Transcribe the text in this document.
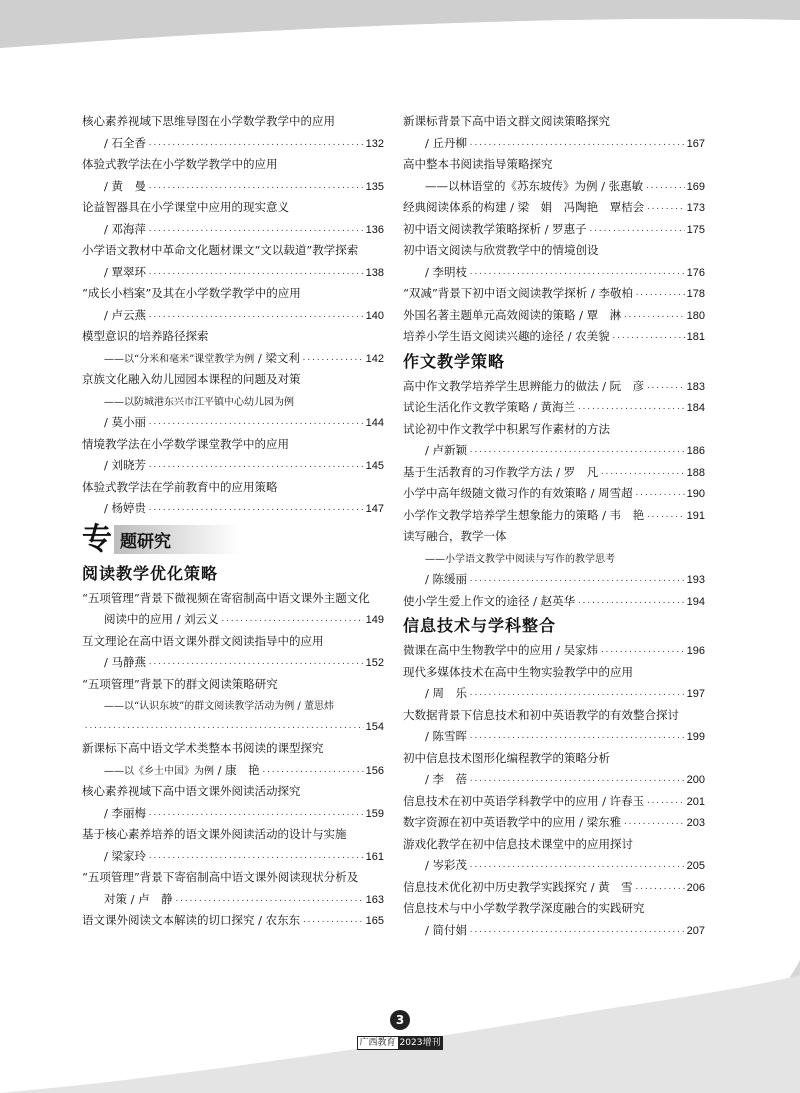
核心素养视域下思维导图在小学数学教学中的应用
/ 石全香 ·····	132
体验式教学法在小学数学教学中的应用
/ 黄　曼 ·····	135
论益智器具在小学课堂中应用的现实意义
/ 邓海萍 ·····	136
小学语文教材中革命文化题材课文“文以载道”教学探索
/ 覃翠环 ·····	138
“成长小档案”及其在小学数学教学中的应用
/ 卢云燕 ·····	140
模型意识的培养路径探索
——以“分米和毫米”课堂教学为例 / 梁文利 ·····	142
京族文化融入幼儿园园本课程的问题及对策
——以防城港东兴市江平镇中心幼儿园为例
/ 莫小丽 ·····	144
情境教学法在小学数学课堂教学中的应用
/ 刘晓芳 ·····	145
体验式教学法在学前教育中的应用策略
/ 杨婷贵 ·····	147
专 题研究
阅读教学优化策略
“五项管理”背景下微视频在寄宿制高中语文课外主题文化
阅读中的应用 / 刘云义 ·····	149
互文理论在高中语文课外群文阅读指导中的应用
/ 马静燕 ·····	152
“五项管理”背景下的群文阅读策略研究
——以“认识东坡”的群文阅读教学活动为例 / 董思炜
·····
154
新课标下高中语文学术类整本书阅读的课型探究
——以《乡土中国》为例 / 康　艳 ·····	156
核心素养视域下高中语文课外阅读活动探究
/ 李丽梅 ·····	159
基于核心素养培养的语文课外阅读活动的设计与实施
/ 梁家玲 ·····	161
“五项管理”背景下寄宿制高中语文课外阅读现状分析及
对策 / 卢　静 ·····	163
语文课外阅读文本解读的切口探究 / 农东东 ·····	165
新课标背景下高中语文群文阅读策略探究
/ 丘丹柳 ·····	167
高中整本书阅读指导策略探究
——以林语堂的《苏东坡传》为例 / 张惠敏 ·····	169
经典阅读体系的构建 / 梁　娟　冯陶艳　覃桔会 ·····	173
初中语文阅读教学策略探析 / 罗惠子 ·····	175
初中语文阅读与欣赏教学中的情境创设
/ 李明枝 ·····	176
“双减”背景下初中语文阅读教学探析 / 李敬柏 ·····	178
外国名著主题单元高效阅读的策略 / 覃　淋 ·····	180
培养小学生语文阅读兴趣的途径 / 农美貌 ·····	181
作文教学策略
高中作文教学培养学生思辨能力的做法 / 阮　彦 ·····	183
试论生活化作文教学策略 / 黄海兰 ·····	184
试论初中作文教学中积累写作素材的方法
/ 卢新颖 ·····	186
基于生活教育的习作教学方法 / 罗　凡 ·····	188
小学中高年级随文微习作的有效策略 / 周雪超 ·····	190
小学作文教学培养学生想象能力的策略 / 韦　艳 ·····	191
读写融合，教学一体
——小学语文教学中阅读与写作的教学思考
/ 陈缓丽 ·····	193
使小学生爱上作文的途径 / 赵英华 ·····	194
信息技术与学科整合
微课在高中生物教学中的应用 / 吴家炜 ·····	196
现代多媒体技术在高中生物实验教学中的应用
/ 周　乐 ·····	197
大数据背景下信息技术和初中英语教学的有效整合探讨
/ 陈雪晖 ·····	199
初中信息技术图形化编程教学的策略分析
/ 李　蓓 ·····	200
信息技术在初中英语学科教学中的应用 / 许春玉 ·····	201
数字资源在初中英语教学中的应用 / 梁东雅 ·····	203
游戏化教学在初中信息技术课堂中的应用探讨
/ 岑彩茂 ·····	205
信息技术优化初中历史教学实践探究 / 黄　雪 ·····	206
信息技术与中小学数学教学深度融合的实践研究
/ 简付娟 ·····	207
3
广西教育 2023增刊
